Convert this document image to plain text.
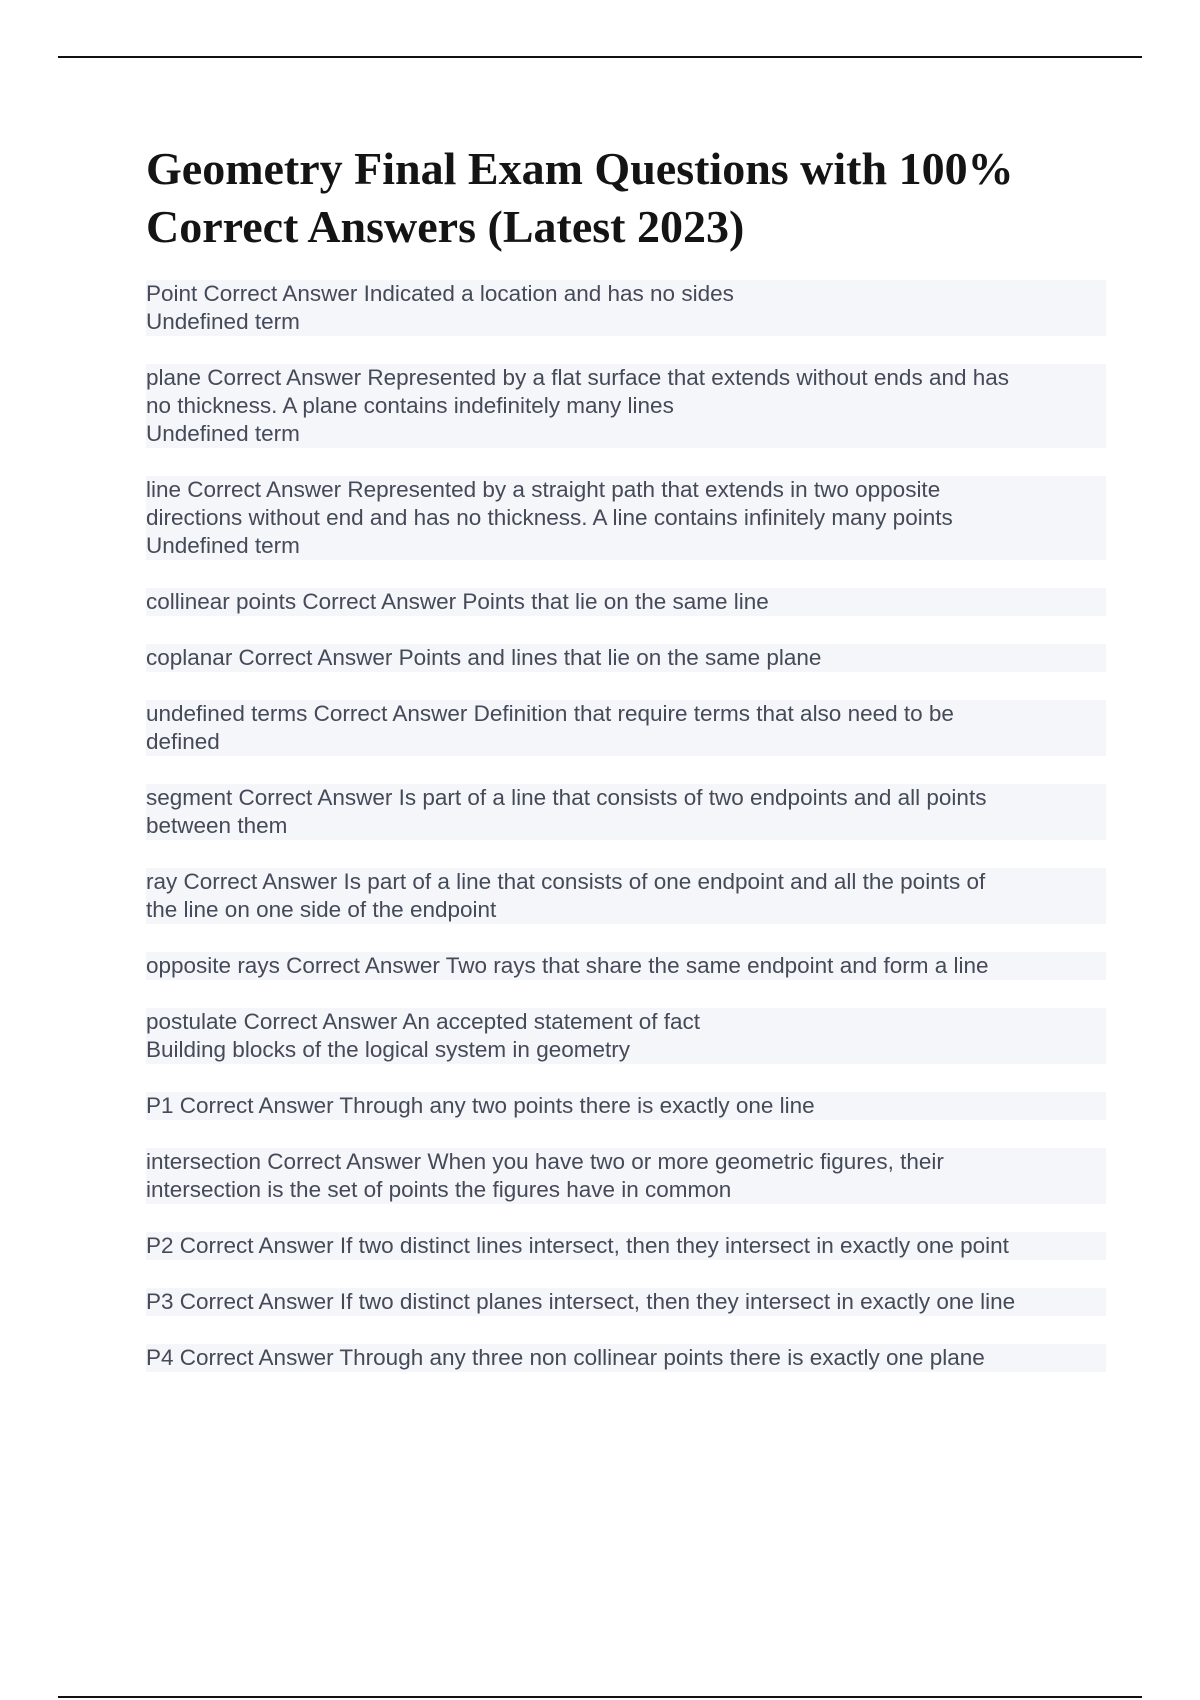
Geometry Final Exam Questions with 100% Correct Answers (Latest 2023)
Point Correct Answer Indicated a location and has no sides
Undefined term
plane Correct Answer Represented by a flat surface that extends without ends and has
no thickness. A plane contains indefinitely many lines
Undefined term
line Correct Answer Represented by a straight path that extends in two opposite
directions without end and has no thickness. A line contains infinitely many points
Undefined term
collinear points Correct Answer Points that lie on the same line
coplanar Correct Answer Points and lines that lie on the same plane
undefined terms Correct Answer Definition that require terms that also need to be
defined
segment Correct Answer Is part of a line that consists of two endpoints and all points
between them
ray Correct Answer Is part of a line that consists of one endpoint and all the points of
the line on one side of the endpoint
opposite rays Correct Answer Two rays that share the same endpoint and form a line
postulate Correct Answer An accepted statement of fact
Building blocks of the logical system in geometry
P1 Correct Answer Through any two points there is exactly one line
intersection Correct Answer When you have two or more geometric figures, their
intersection is the set of points the figures have in common
P2 Correct Answer If two distinct lines intersect, then they intersect in exactly one point
P3 Correct Answer If two distinct planes intersect, then they intersect in exactly one line
P4 Correct Answer Through any three non collinear points there is exactly one plane
